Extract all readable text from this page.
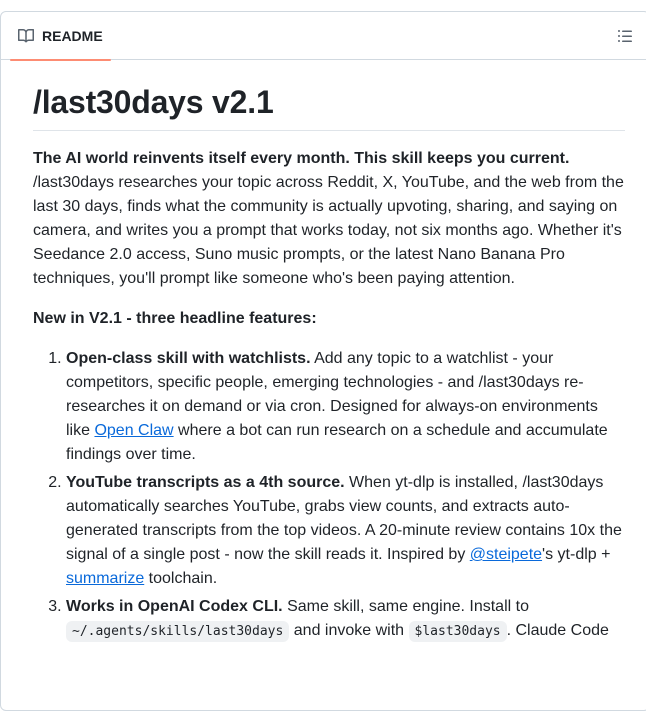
README
/last30days v2.1

The AI world reinvents itself every month. This skill keeps you current. /last30days researches your topic across Reddit, X, YouTube, and the web from the last 30 days, finds what the community is actually upvoting, sharing, and saying on camera, and writes you a prompt that works today, not six months ago. Whether it's Seedance 2.0 access, Suno music prompts, or the latest Nano Banana Pro techniques, you'll prompt like someone who's been paying attention.

New in V2.1 - three headline features:

1. Open-class skill with watchlists. Add any topic to a watchlist - your competitors, specific people, emerging technologies - and /last30days re-researches it on demand or via cron. Designed for always-on environments like Open Claw where a bot can run research on a schedule and accumulate findings over time.
2. YouTube transcripts as a 4th source. When yt-dlp is installed, /last30days automatically searches YouTube, grabs view counts, and extracts auto-generated transcripts from the top videos. A 20-minute review contains 10x the signal of a single post - now the skill reads it. Inspired by @steipete's yt-dlp + summarize toolchain.
3. Works in OpenAI Codex CLI. Same skill, same engine. Install to ~/.agents/skills/last30days and invoke with $last30days . Claude Code
